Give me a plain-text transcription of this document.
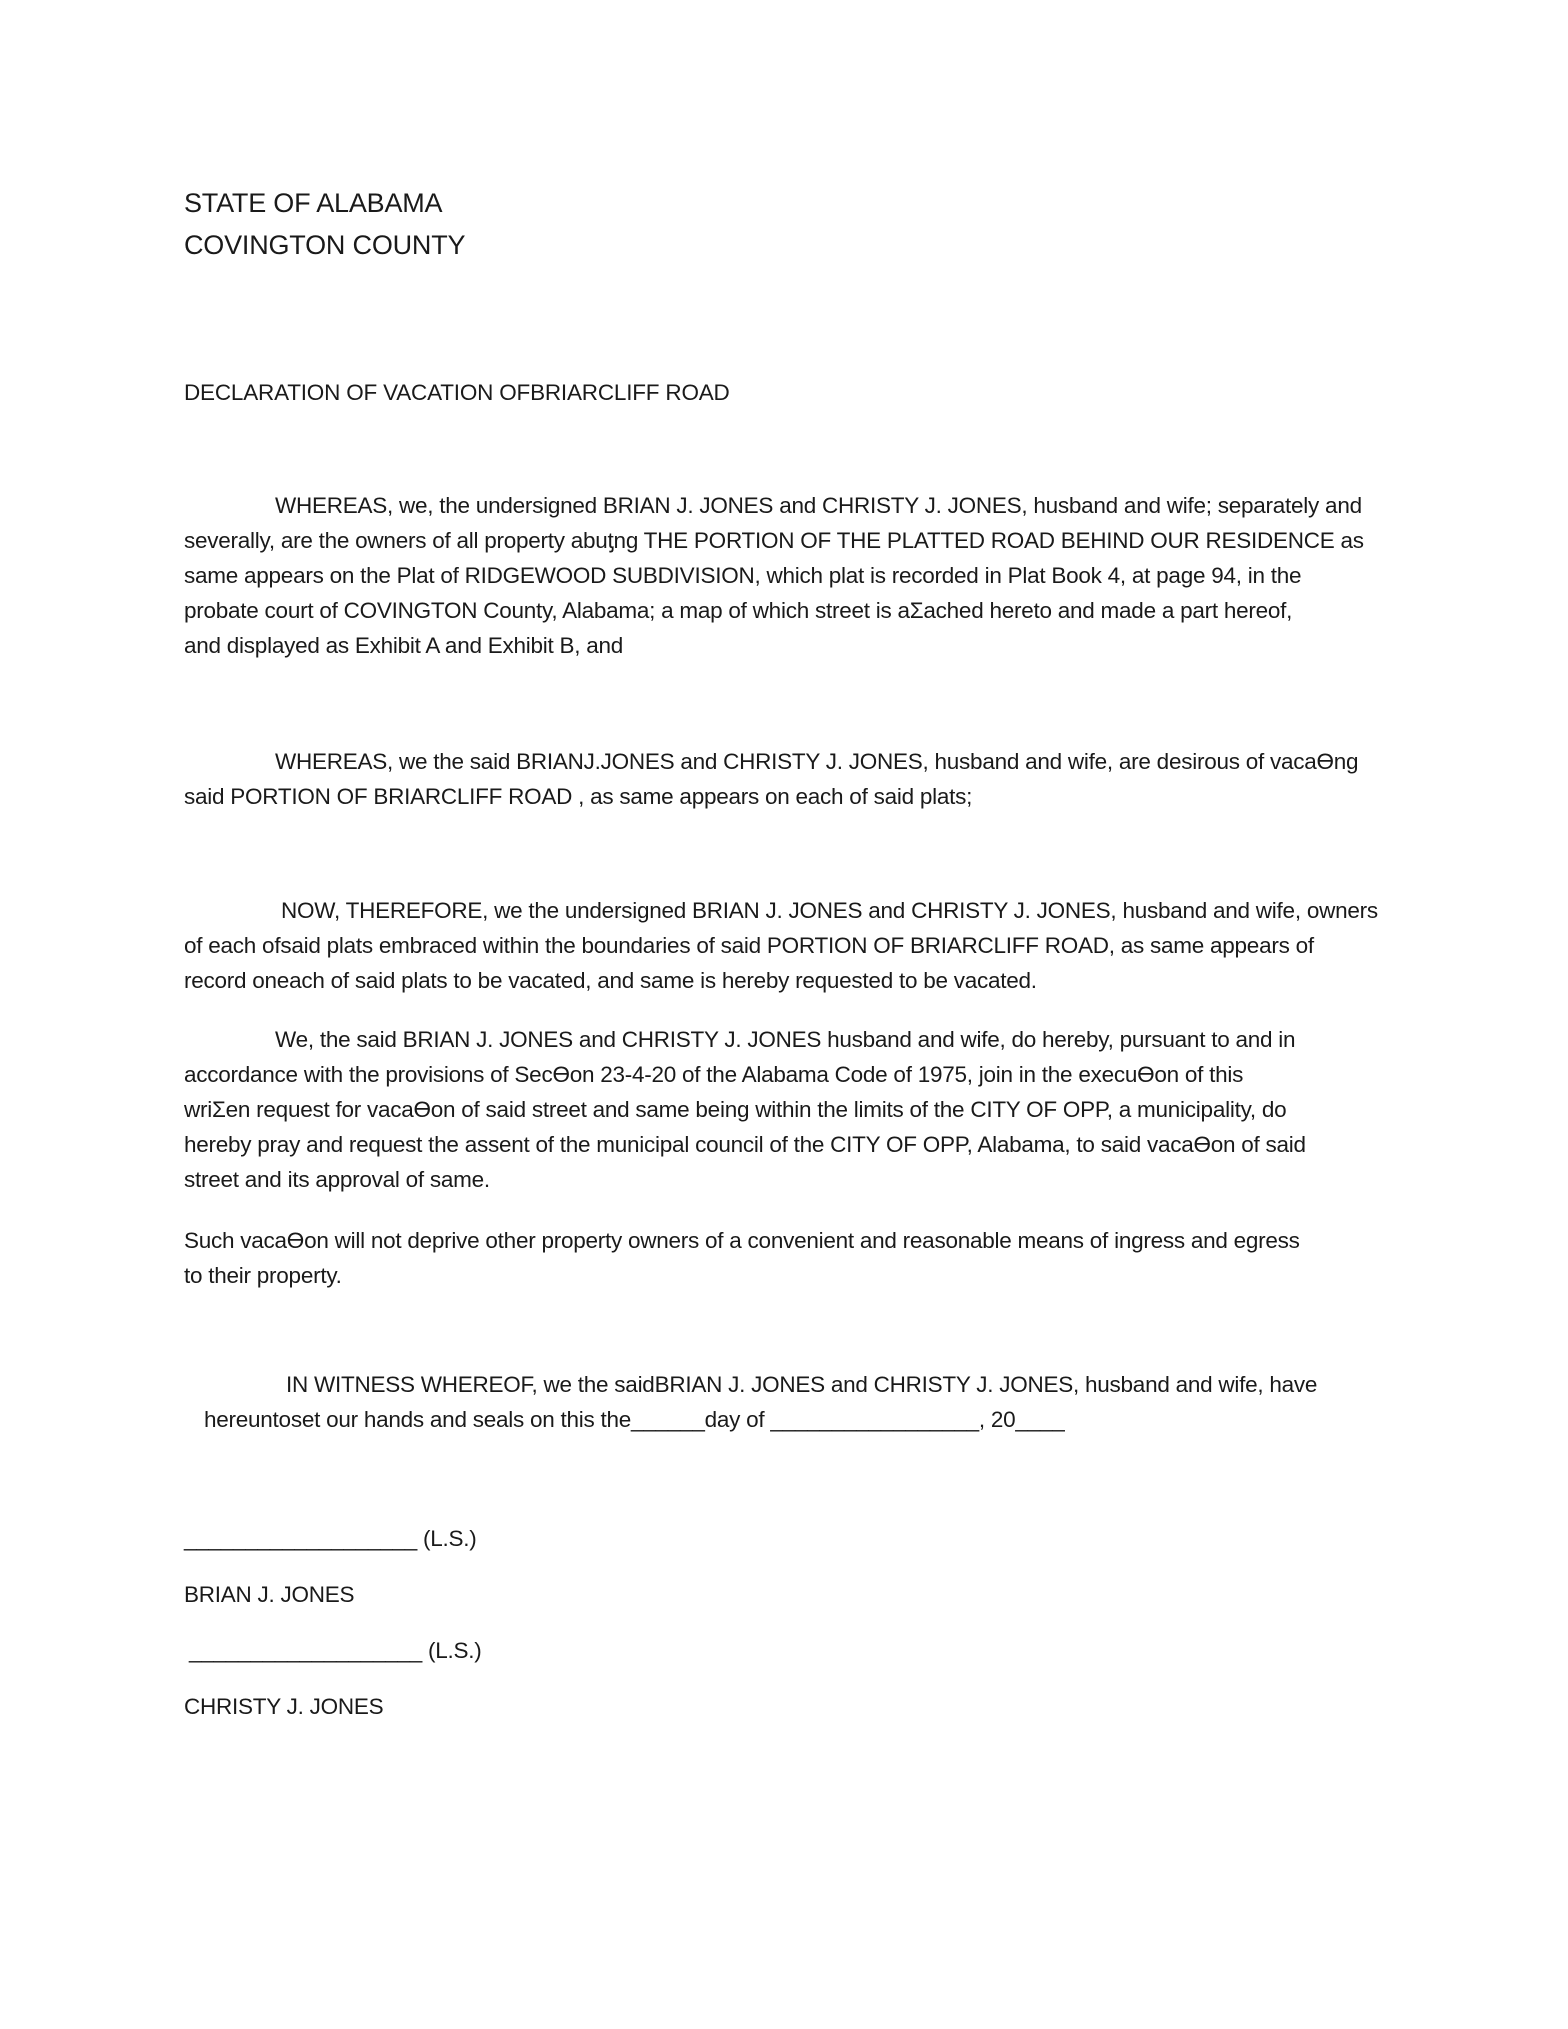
STATE OF ALABAMA
COVINGTON COUNTY
DECLARATION OF VACATION OFBRIARCLIFF ROAD
WHEREAS, we, the undersigned BRIAN J. JONES and CHRISTY J. JONES, husband and wife; separately and
severally, are the owners of all property abuƫng THE PORTION OF THE PLATTED ROAD BEHIND OUR RESIDENCE as
same appears on the Plat of RIDGEWOOD SUBDIVISION, which plat is recorded in Plat Book 4, at page 94, in the
probate court of COVINGTON County, Alabama; a map of which street is aΣached hereto and made a part hereof,
and displayed as Exhibit A and Exhibit B, and
WHEREAS, we the said BRIANJ.JONES and CHRISTY J. JONES, husband and wife, are desirous of vacaϴng
said PORTION OF BRIARCLIFF ROAD , as same appears on each of said plats;
NOW, THEREFORE, we the undersigned BRIAN J. JONES and CHRISTY J. JONES, husband and wife, owners
of each ofsaid plats embraced within the boundaries of said PORTION OF BRIARCLIFF ROAD, as same appears of
record oneach of said plats to be vacated, and same is hereby requested to be vacated.
We, the said BRIAN J. JONES and CHRISTY J. JONES husband and wife, do hereby, pursuant to and in
accordance with the provisions of Secϴon 23-4-20 of the Alabama Code of 1975, join in the execuϴon of this
wriΣen request for vacaϴon of said street and same being within the limits of the CITY OF OPP, a municipality, do
hereby pray and request the assent of the municipal council of the CITY OF OPP, Alabama, to said vacaϴon of said
street and its approval of same.
Such vacaϴon will not deprive other property owners of a convenient and reasonable means of ingress and egress
to their property.
IN WITNESS WHEREOF, we the saidBRIAN J. JONES and CHRISTY J. JONES, husband and wife, have
hereuntoset our hands and seals on this the______day of _________________, 20____
___________________ (L.S.)
BRIAN J. JONES
___________________ (L.S.)
CHRISTY J. JONES
